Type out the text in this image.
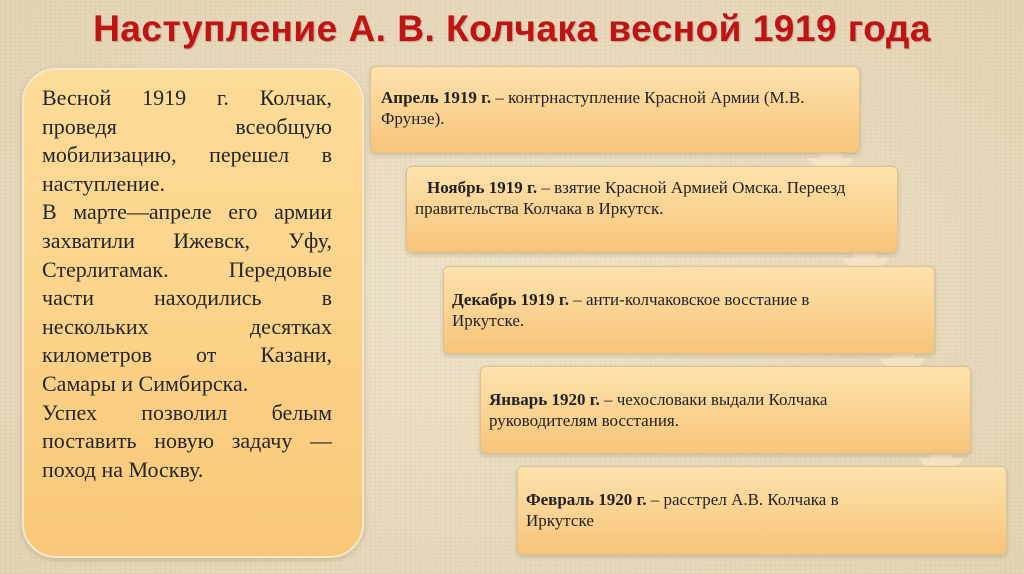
Наступление А. В. Колчака весной 1919 года

Весной 1919 г. Колчак, проведя всеобщую мобилизацию, перешел в наступление.

В марте—апреле его армии захватили Ижевск, Уфу, Стерлитамак. Передовые части находились в нескольких десятках километров от Казани, Самары и Симбирска.

Успех позволил белым поставить новую задачу — поход на Москву.

Апрель 1919 г. – контрнаступление Красной Армии (М.В. Фрунзе).
Ноябрь 1919 г. – взятие Красной Армией Омска. Переезд правительства Колчака в Иркутск.
Декабрь 1919 г. – анти-колчаковское восстание в Иркутске.
Январь 1920 г. – чехословаки выдали Колчака руководителям восстания.
Февраль 1920 г. – расстрел А.В. Колчака в Иркутске
